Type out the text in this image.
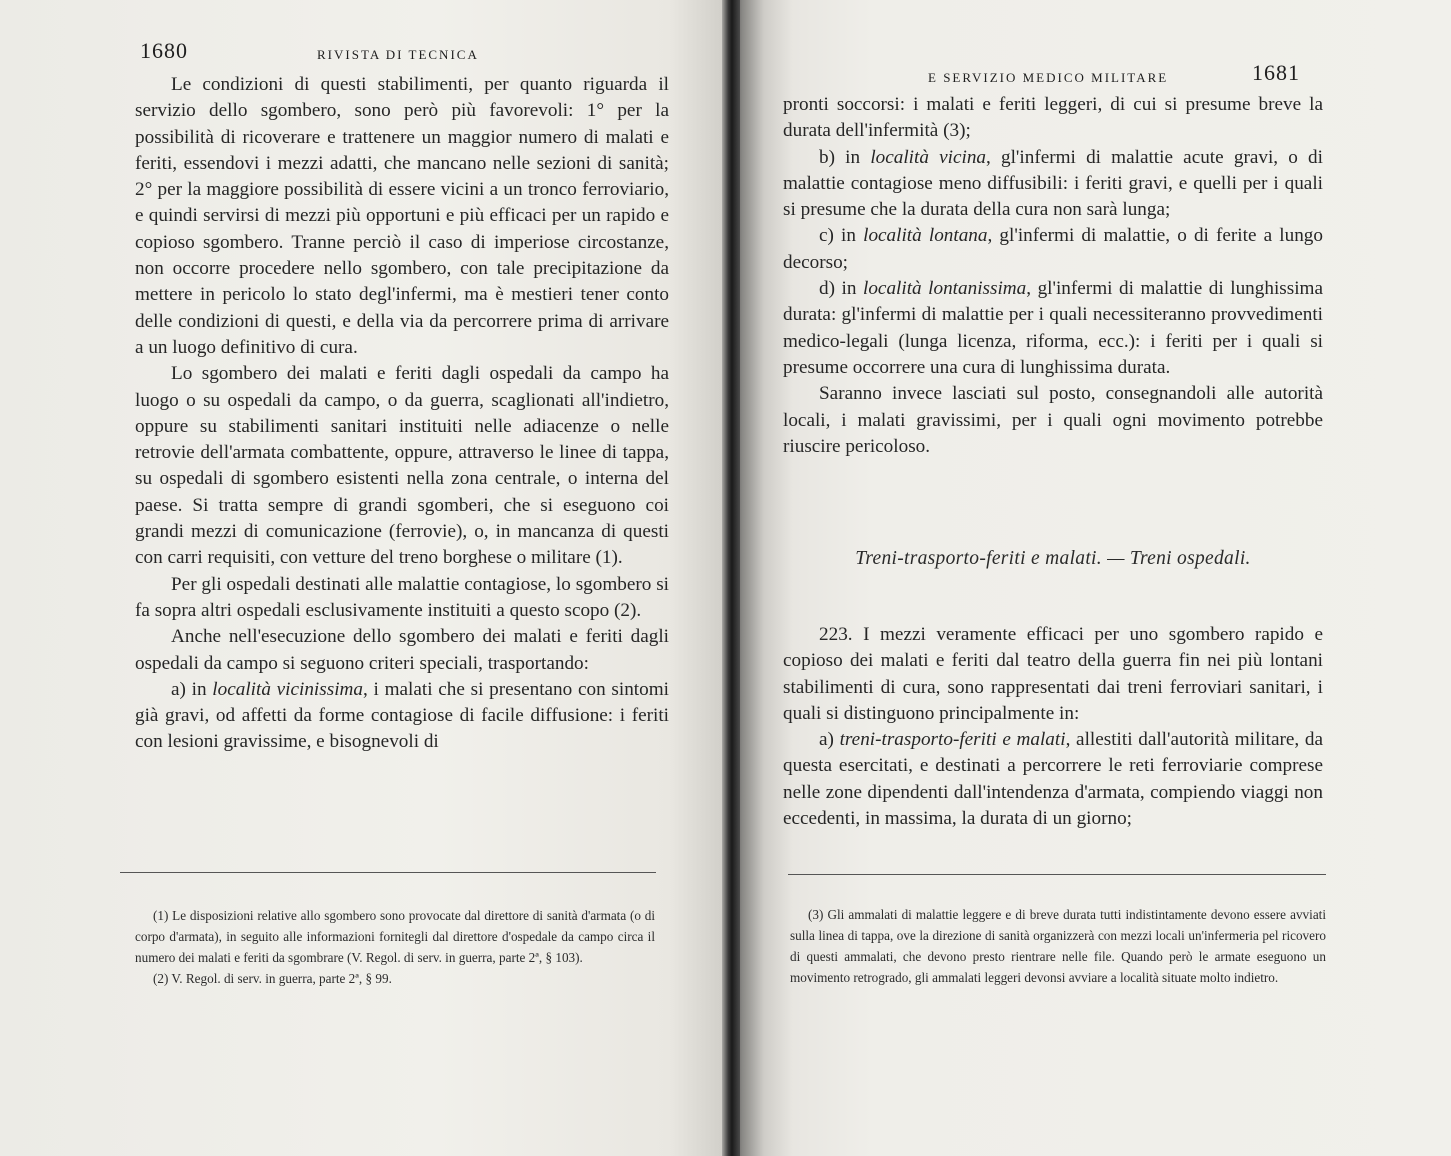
1680	RIVISTA DI TECNICA

Le condizioni di questi stabilimenti, per quanto riguarda il servizio dello sgombero, sono però più favorevoli: 1° per la possibilità di ricoverare e trattenere un maggior numero di malati e feriti, essendovi i mezzi adatti, che mancano nelle sezioni di sanità; 2° per la maggiore possibilità di essere vicini a un tronco ferroviario, e quindi servirsi di mezzi più opportuni e più efficaci per un rapido e copioso sgombero. Tranne perciò il caso di imperiose circostanze, non occorre procedere nello sgombero, con tale precipitazione da mettere in pericolo lo stato degl'infermi, ma è mestieri tener conto delle condizioni di questi, e della via da percorrere prima di arrivare a un luogo definitivo di cura.

Lo sgombero dei malati e feriti dagli ospedali da campo ha luogo o su ospedali da campo, o da guerra, scaglionati all'indietro, oppure su stabilimenti sanitari instituiti nelle adiacenze o nelle retrovie dell'armata combattente, oppure, attraverso le linee di tappa, su ospedali di sgombero esistenti nella zona centrale, o interna del paese. Si tratta sempre di grandi sgomberi, che si eseguono coi grandi mezzi di comunicazione (ferrovie), o, in mancanza di questi con carri requisiti, con vetture del treno borghese o militare (1).

Per gli ospedali destinati alle malattie contagiose, lo sgombero si fa sopra altri ospedali esclusivamente instituiti a questo scopo (2).

Anche nell'esecuzione dello sgombero dei malati e feriti dagli ospedali da campo si seguono criteri speciali, trasportando:

a) in località vicinissima, i malati che si presentano con sintomi già gravi, od affetti da forme contagiose di facile diffusione: i feriti con lesioni gravissime, e bisognevoli di

(1) Le disposizioni relative allo sgombero sono provocate dal direttore di sanità d'armata (o di corpo d'armata), in seguito alle informazioni fornitegli dal direttore d'ospedale da campo circa il numero dei malati e feriti da sgombrare (V. Regol. di serv. in guerra, parte 2ª, § 103).

(2) V. Regol. di serv. in guerra, parte 2ª, § 99.

E SERVIZIO MEDICO MILITARE	1681

pronti soccorsi: i malati e feriti leggeri, di cui si presume breve la durata dell'infermità (3);

b) in località vicina, gl'infermi di malattie acute gravi, o di malattie contagiose meno diffusibili: i feriti gravi, e quelli per i quali si presume che la durata della cura non sarà lunga;

c) in località lontana, gl'infermi di malattie, o di ferite a lungo decorso;

d) in località lontanissima, gl'infermi di malattie di lunghissima durata: gl'infermi di malattie per i quali necessiteranno provvedimenti medico-legali (lunga licenza, riforma, ecc.): i feriti per i quali si presume occorrere una cura di lunghissima durata.

Saranno invece lasciati sul posto, consegnandoli alle autorità locali, i malati gravissimi, per i quali ogni movimento potrebbe riuscire pericoloso.

Treni-trasporto-feriti e malati. — Treni ospedali.

223. I mezzi veramente efficaci per uno sgombero rapido e copioso dei malati e feriti dal teatro della guerra fin nei più lontani stabilimenti di cura, sono rappresentati dai treni ferroviari sanitari, i quali si distinguono principalmente in:

a) treni-trasporto-feriti e malati, allestiti dall'autorità militare, da questa esercitati, e destinati a percorrere le reti ferroviarie comprese nelle zone dipendenti dall'intendenza d'armata, compiendo viaggi non eccedenti, in massima, la durata di un giorno;

(3) Gli ammalati di malattie leggere e di breve durata tutti indistintamente devono essere avviati sulla linea di tappa, ove la direzione di sanità organizzerà con mezzi locali un'infermeria pel ricovero di questi ammalati, che devono presto rientrare nelle file. Quando però le armate eseguono un movimento retrogrado, gli ammalati leggeri devonsi avviare a località situate molto indietro.
